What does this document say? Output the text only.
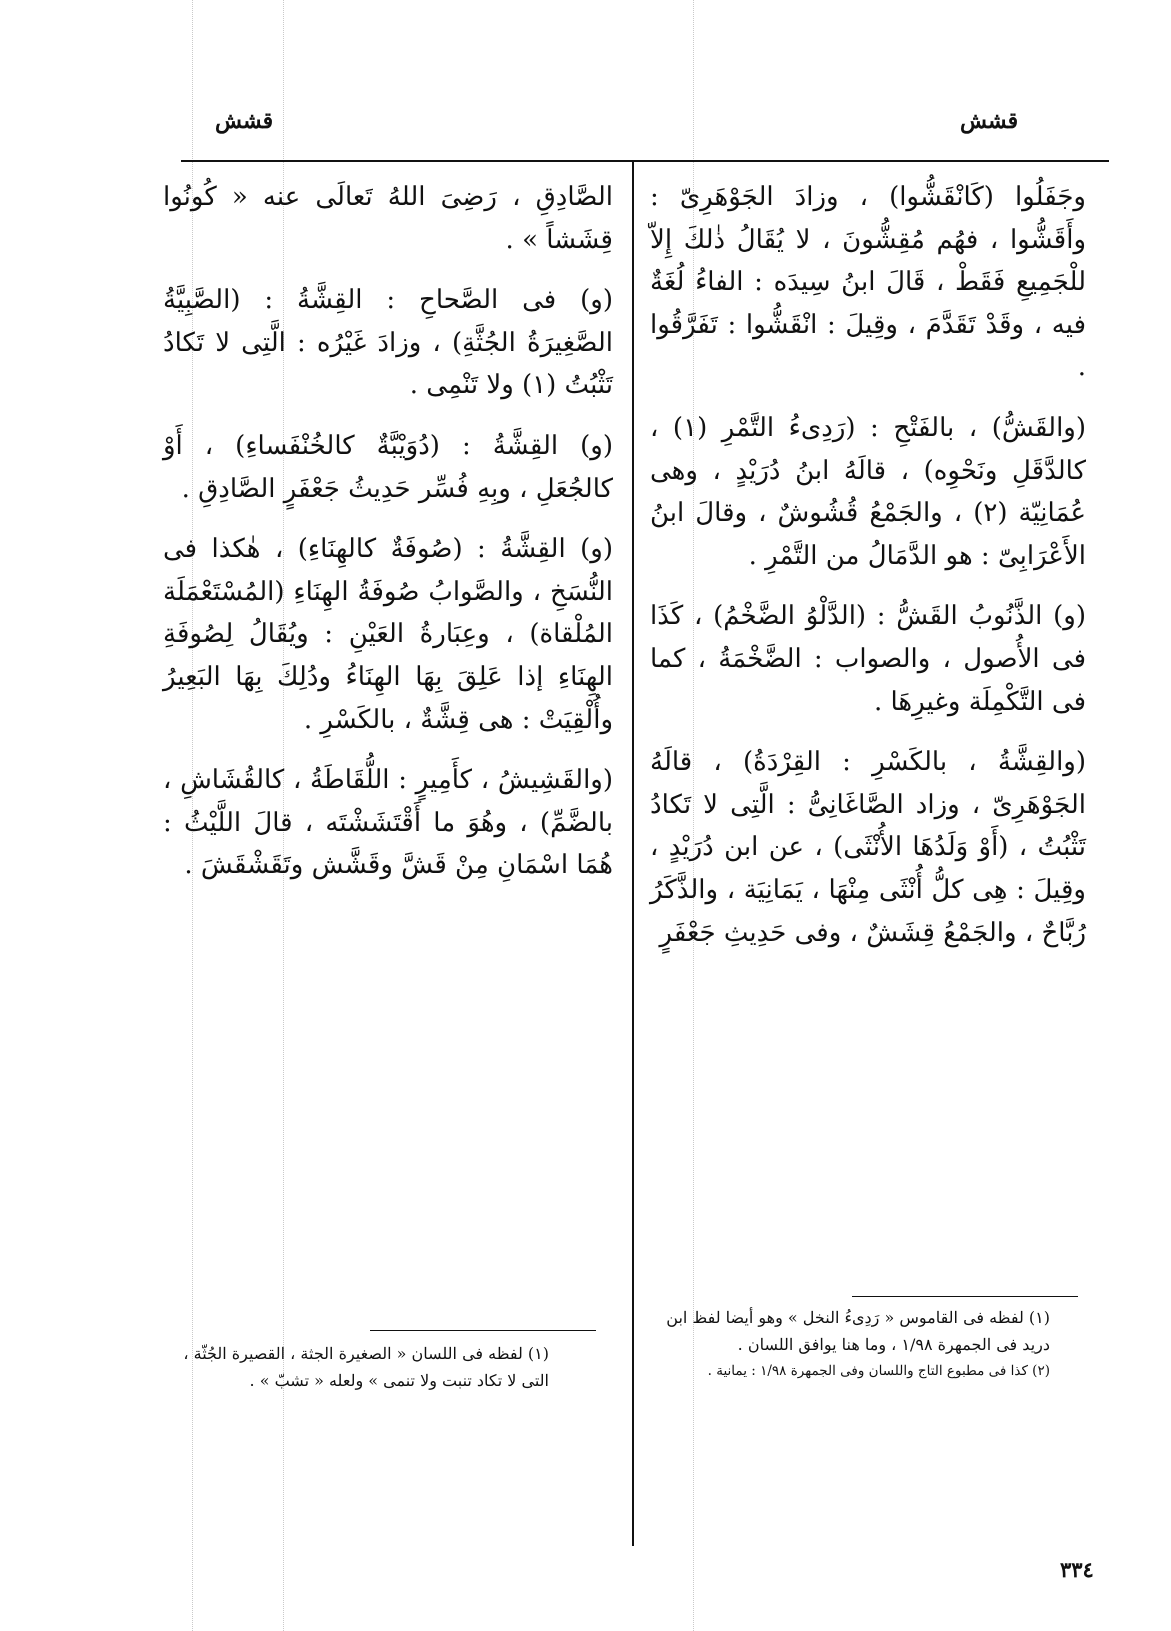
قشش
قشش

وجَفَلُوا (كَانْقَشُّوا) ، وزادَ الجَوْهَرِىّ : وأَقَشُّوا ، فهُم مُقِشُّونَ ، لا يُقَالُ ذٰلكَ إِلاّ للْجَمِيعِ فَقَطْ ، قَالَ ابنُ سِيدَه : الفاءُ لُغَةٌ فيه ، وقَدْ تَقَدَّمَ ، وقِيلَ : انْقَشُّوا : تَفَرَّقُوا .

(والقَشُّ) ، بالفَتْحِ : (رَدِىءُ التَّمْرِ (١) ، كالدَّقَلِ ونَحْوِه) ، قالَهُ ابنُ دُرَيْدٍ ، وهى عُمَانِيّة (٢) ، والجَمْعُ قُشُوشٌ ، وقالَ ابنُ الأَعْرَابِىّ : هو الدَّمَالُ من التَّمْرِ .

(و) الذَّنُوبُ القَشُّ : (الدَّلْوُ الضَّخْمُ) ، كَذَا فى الأُصول ، والصواب : الضَّخْمَةُ ، كما فى التَّكْمِلَة وغيرِهَا .

(والقِشَّةُ ، بالكَسْرِ : القِرْدَةُ) ، قالَهُ الجَوْهَرِىّ ، وزاد الصَّاغَانِىُّ : الَّتِى لا تَكادُ تَثْبُتُ ، (أَوْ وَلَدُهَا الأُنْثَى) ، عن ابن دُرَيْدٍ ، وقِيلَ : هِى كلُّ أُنْثَى مِنْهَا ، يَمَانِيَة ، والذَّكَرُ رُبَّاحٌ ، والجَمْعُ قِشَشٌ ، وفى حَدِيثِ جَعْفَرٍ

(١) لفظه فى القاموس « رَدِىءُ النخل » وهو أيضا لفظ ابن دريد فى الجمهرة ١/٩٨ ، وما هنا يوافق اللسان .

(٢) كذا فى مطبوع التاج واللسان وفى الجمهرة ١/٩٨ : يمانية .

الصَّادِقِ ، رَضِىَ اللهُ تَعالَى عنه « كُونُوا قِشَشاً » .

(و) فى الصَّحاحِ : القِشَّةُ : (الصَّبِيَّةُ الصَّغِيرَةُ الجُثَّةِ) ، وزادَ غَيْرُه : الَّتِى لا تَكادُ تَثْبُتُ (١) ولا تَنْمِى .

(و) القِشَّةُ : (دُوَيْبَّةٌ كالخُنْفَساءِ) ، أَوْ كالجُعَلِ ، وبِهِ فُسِّر حَدِيثُ جَعْفَرٍ الصَّادِقِ .

(و) القِشَّةُ : (صُوفَةٌ كالهِنَاءِ) ، هٰكذا فى النُّسَخِ ، والصَّوابُ صُوفَةُ الهِنَاءِ (المُسْتَعْمَلَة المُلْقاة) ، وعِبَارةُ العَيْنِ : ويُقَالُ لِصُوفَةِ الهِنَاءِ إذا عَلِقَ بِهَا الهِنَاءُ ودُلِكَ بِهَا البَعِيرُ وأُلْقِيَتْ : هى قِشَّةٌ ، بالكَسْرِ .

(والقَشِيشُ ، كأَمِيرٍ : اللُّقَاطَةُ ، كالقُشَاشِ ، بالضَّمِّ) ، وهُوَ ما أَقْتَشَشْتَه ، قالَ اللَّيْثُ : هُمَا اسْمَانِ مِنْ قَشَّ وقَشَّش وتَقَشْقَشَ .

(١) لفظه فى اللسان « الصغيرة الجثة ، القصيرة الجُثّة ، التى لا تكاد تنبت ولا تنمى » ولعله « تشبّ » .

٣٣٤
